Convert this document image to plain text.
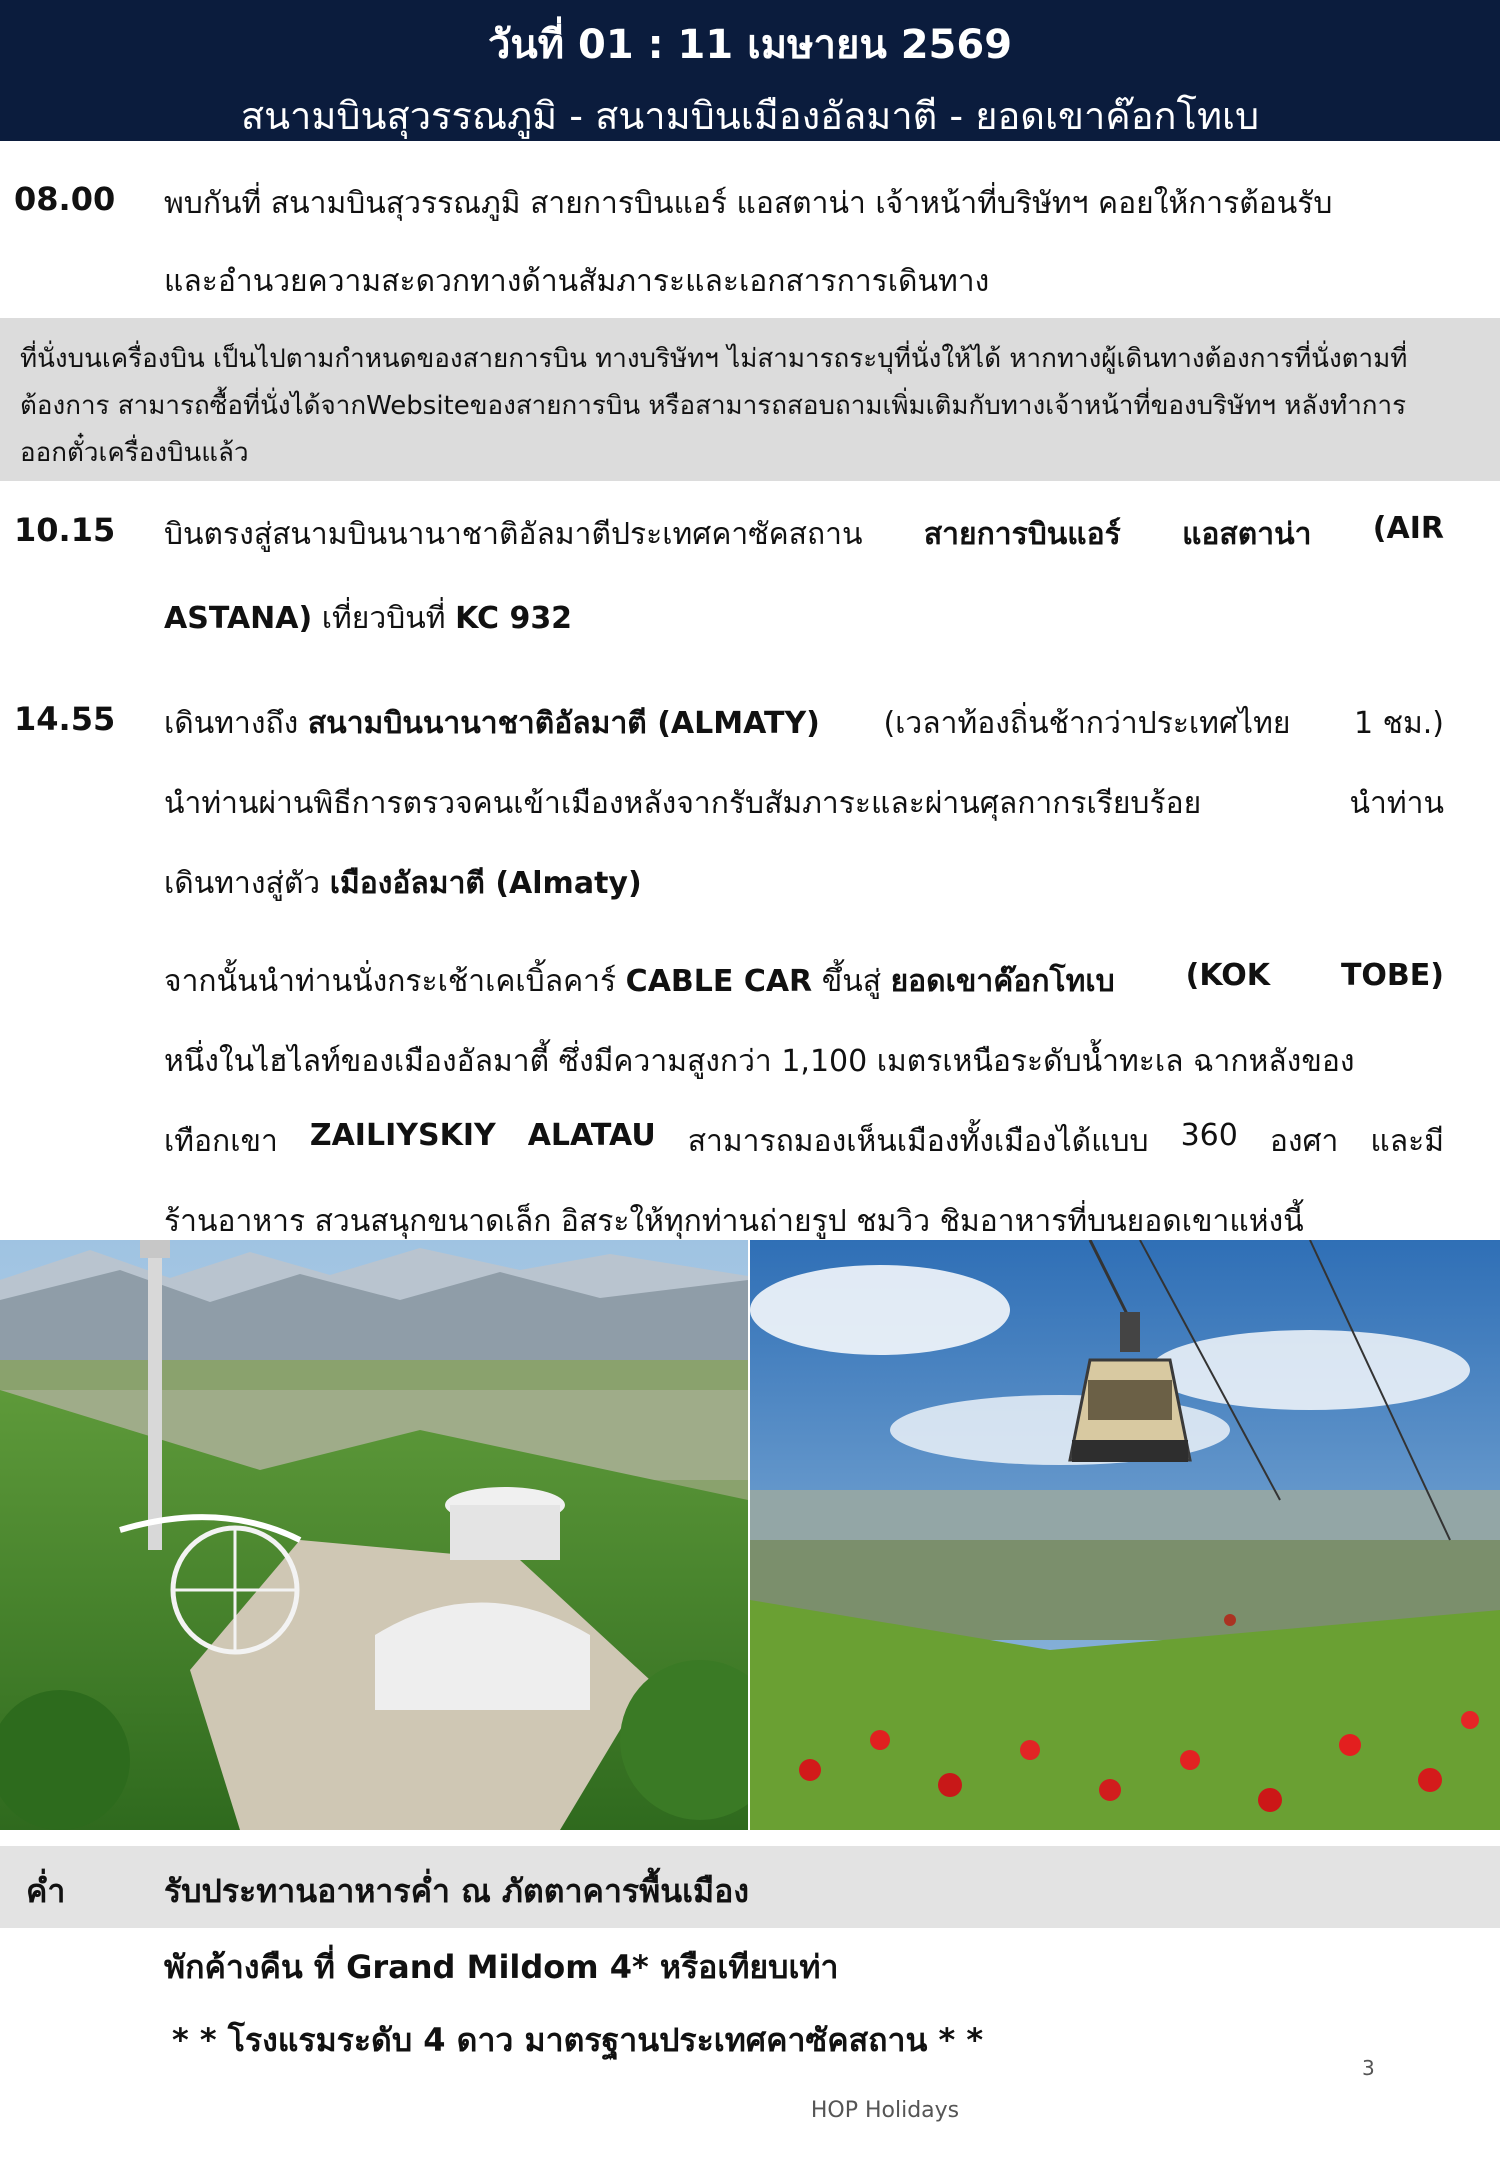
วันที่ 01 : 11 เมษายน 2569
สนามบินสุวรรณภูมิ - สนามบินเมืองอัลมาตี - ยอดเขาค๊อกโทเบ
08.00 พบกันที่ สนามบินสุวรรณภูมิ สายการบินแอร์ แอสตาน่า เจ้าหน้าที่บริษัทฯ คอยให้การต้อนรับ
และอำนวยความสะดวกทางด้านสัมภาระและเอกสารการเดินทาง
ที่นั่งบนเครื่องบิน เป็นไปตามกำหนดของสายการบิน ทางบริษัทฯ ไม่สามารถระบุที่นั่งให้ได้ หากทางผู้เดินทางต้องการที่นั่งตามที่
ต้องการ สามารถซื้อที่นั่งได้จากWebsiteของสายการบิน หรือสามารถสอบถามเพิ่มเติมกับทางเจ้าหน้าที่ของบริษัทฯ หลังทำการ
ออกตั๋วเครื่องบินแล้ว
10.15 บินตรงสู่สนามบินนานาชาติอัลมาตีประเทศคาซัคสถาน สายการบินแอร์ แอสตาน่า (AIR
ASTANA) เที่ยวบินที่ KC 932
14.55 เดินทางถึง สนามบินนานาชาติอัลมาตี (ALMATY) (เวลาท้องถิ่นช้ากว่าประเทศไทย 1 ชม.)
นำท่านผ่านพิธีการตรวจคนเข้าเมืองหลังจากรับสัมภาระและผ่านศุลกากรเรียบร้อย	นำท่าน
เดินทางสู่ตัว เมืองอัลมาตี (Almaty)
จากนั้นนำท่านนั่งกระเช้าเคเบิ้ลคาร์ CABLE CAR ขึ้นสู่ ยอดเขาค๊อกโทเบ (KOK TOBE)
หนึ่งในไฮไลท์ของเมืองอัลมาตี้ ซึ่งมีความสูงกว่า 1,100 เมตรเหนือระดับน้ำทะเล ฉากหลังของ
เทือกเขา ZAILIYSKIY ALATAU สามารถมองเห็นเมืองทั้งเมืองได้แบบ 360 องศา และมี
ร้านอาหาร สวนสนุกขนาดเล็ก อิสระให้ทุกท่านถ่ายรูป ชมวิว ชิมอาหารที่บนยอดเขาแห่งนี้
ค่ำ	รับประทานอาหารค่ำ ณ ภัตตาคารพื้นเมือง
พักค้างคืน ที่ Grand Mildom 4* หรือเทียบเท่า
* * โรงแรมระดับ 4 ดาว มาตรฐานประเทศคาซัคสถาน * *
3
HOP Holidays
